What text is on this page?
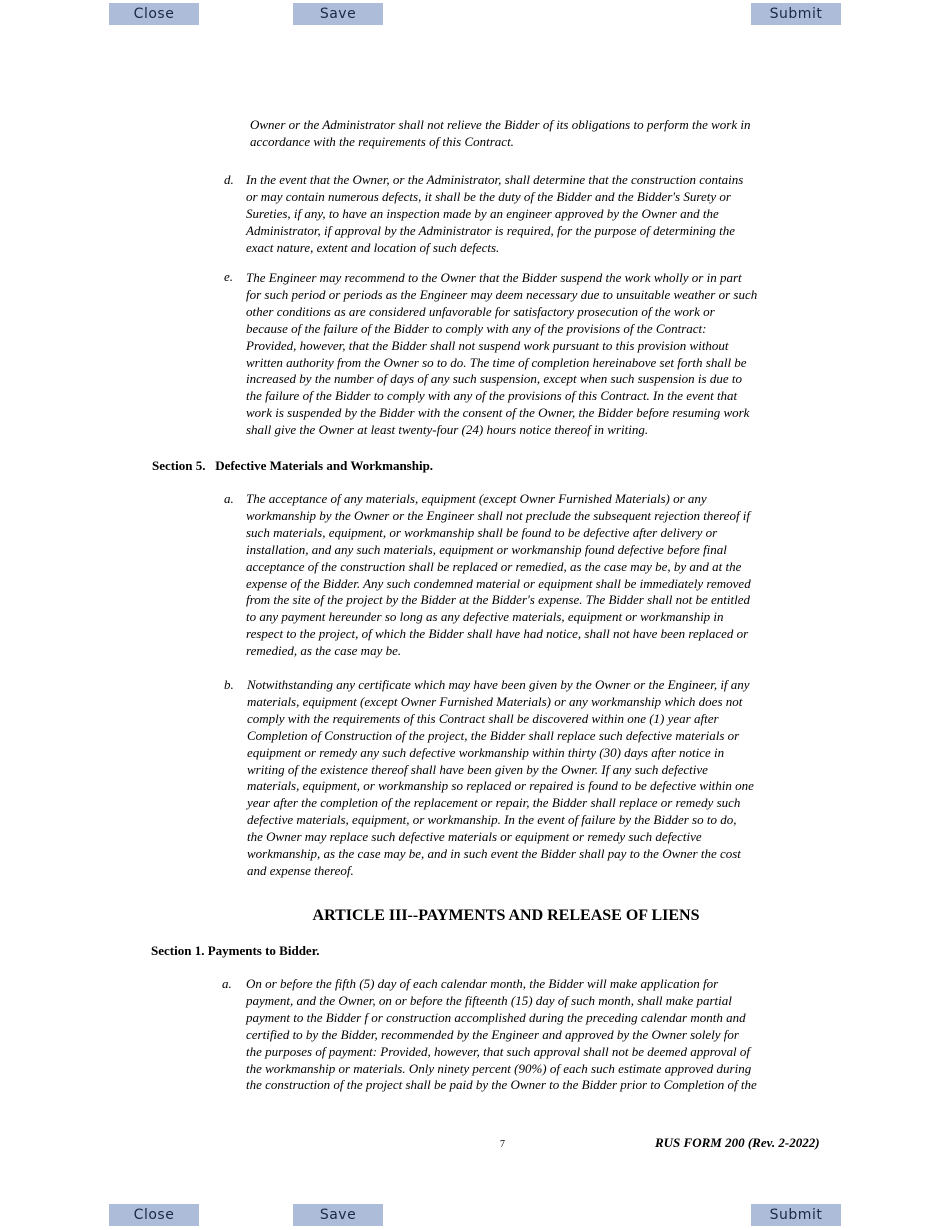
Close	Save	Submit

Owner or the Administrator shall not relieve the Bidder of its obligations to perform the work in
accordance with the requirements of this Contract.

d. In the event that the Owner, or the Administrator, shall determine that the construction contains
or may contain numerous defects, it shall be the duty of the Bidder and the Bidder's Surety or
Sureties, if any, to have an inspection made by an engineer approved by the Owner and the
Administrator, if approval by the Administrator is required, for the purpose of determining the
exact nature, extent and location of such defects.

e. The Engineer may recommend to the Owner that the Bidder suspend the work wholly or in part
for such period or periods as the Engineer may deem necessary due to unsuitable weather or such
other conditions as are considered unfavorable for satisfactory prosecution of the work or
because of the failure of the Bidder to comply with any of the provisions of the Contract:
Provided, however, that the Bidder shall not suspend work pursuant to this provision without
written authority from the Owner so to do. The time of completion hereinabove set forth shall be
increased by the number of days of any such suspension, except when such suspension is due to
the failure of the Bidder to comply with any of the provisions of this Contract. In the event that
work is suspended by the Bidder with the consent of the Owner, the Bidder before resuming work
shall give the Owner at least twenty-four (24) hours notice thereof in writing.

Section 5.   Defective Materials and Workmanship.
a. The acceptance of any materials, equipment (except Owner Furnished Materials) or any
workmanship by the Owner or the Engineer shall not preclude the subsequent rejection thereof if
such materials, equipment, or workmanship shall be found to be defective after delivery or
installation, and any such materials, equipment or workmanship found defective before final
acceptance of the construction shall be replaced or remedied, as the case may be, by and at the
expense of the Bidder. Any such condemned material or equipment shall be immediately removed
from the site of the project by the Bidder at the Bidder's expense. The Bidder shall not be entitled
to any payment hereunder so long as any defective materials, equipment or workmanship in
respect to the project, of which the Bidder shall have had notice, shall not have been replaced or
remedied, as the case may be.

b. Notwithstanding any certificate which may have been given by the Owner or the Engineer, if any
materials, equipment (except Owner Furnished Materials) or any workmanship which does not
comply with the requirements of this Contract shall be discovered within one (1) year after
Completion of Construction of the project, the Bidder shall replace such defective materials or
equipment or remedy any such defective workmanship within thirty (30) days after notice in
writing of the existence thereof shall have been given by the Owner. If any such defective
materials, equipment, or workmanship so replaced or repaired is found to be defective within one
year after the completion of the replacement or repair, the Bidder shall replace or remedy such
defective materials, equipment, or workmanship. In the event of failure by the Bidder so to do,
the Owner may replace such defective materials or equipment or remedy such defective
workmanship, as the case may be, and in such event the Bidder shall pay to the Owner the cost
and expense thereof.

ARTICLE III--PAYMENTS AND RELEASE OF LIENS
Section 1. Payments to Bidder.
a. On or before the fifth (5) day of each calendar month, the Bidder will make application for
payment, and the Owner, on or before the fifteenth (15) day of such month, shall make partial
payment to the Bidder f or construction accomplished during the preceding calendar month and
certified to by the Bidder, recommended by the Engineer and approved by the Owner solely for
the purposes of payment: Provided, however, that such approval shall not be deemed approval of
the workmanship or materials. Only ninety percent (90%) of each such estimate approved during
the construction of the project shall be paid by the Owner to the Bidder prior to Completion of the

7	RUS FORM 200 (Rev. 2-2022)
Close	Save	Submit
